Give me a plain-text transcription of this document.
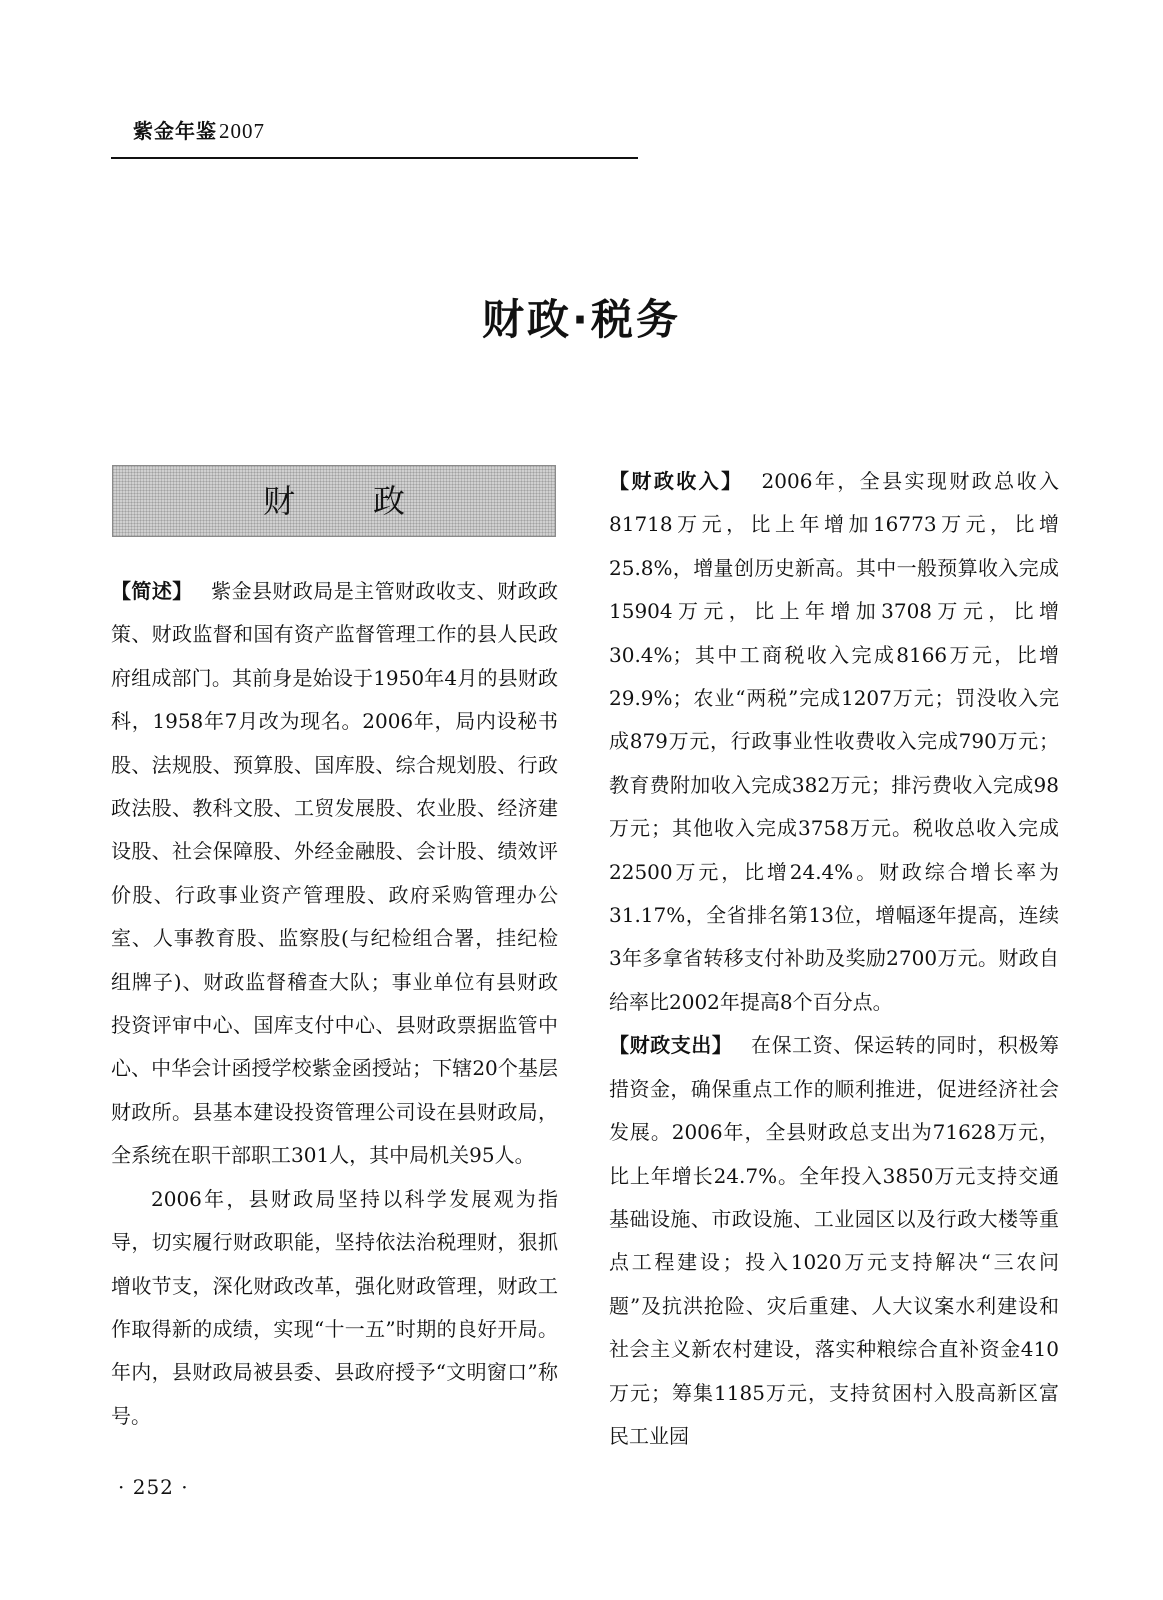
紫金年鉴2007
财政·税务
财政

【简述】 紫金县财政局是主管财政收支、财政政策、财政监督和国有资产监督管理工作的县人民政府组成部门。其前身是始设于1950年4月的县财政科，1958年7月改为现名。2006年，局内设秘书股、法规股、预算股、国库股、综合规划股、行政政法股、教科文股、工贸发展股、农业股、经济建设股、社会保障股、外经金融股、会计股、绩效评价股、行政事业资产管理股、政府采购管理办公室、人事教育股、监察股(与纪检组合署，挂纪检组牌子)、财政监督稽查大队；事业单位有县财政投资评审中心、国库支付中心、县财政票据监管中心、中华会计函授学校紫金函授站；下辖20个基层财政所。县基本建设投资管理公司设在县财政局，全系统在职干部职工301人，其中局机关95人。

2006年，县财政局坚持以科学发展观为指导，切实履行财政职能，坚持依法治税理财，狠抓增收节支，深化财政改革，强化财政管理，财政工作取得新的成绩，实现“十一五”时期的良好开局。年内，县财政局被县委、县政府授予“文明窗口”称号。

【财政收入】 2006年，全县实现财政总收入81718万元，比上年增加16773万元，比增25.8%，增量创历史新高。其中一般预算收入完成15904万元，比上年增加3708万元，比增30.4%；其中工商税收入完成8166万元，比增29.9%；农业“两税”完成1207万元；罚没收入完成879万元，行政事业性收费收入完成790万元；教育费附加收入完成382万元；排污费收入完成98万元；其他收入完成3758万元。税收总收入完成22500万元，比增24.4%。财政综合增长率为31.17%，全省排名第13位，增幅逐年提高，连续3年多拿省转移支付补助及奖励2700万元。财政自给率比2002年提高8个百分点。

【财政支出】 在保工资、保运转的同时，积极筹措资金，确保重点工作的顺利推进，促进经济社会发展。2006年，全县财政总支出为71628万元，比上年增长24.7%。全年投入3850万元支持交通基础设施、市政设施、工业园区以及行政大楼等重点工程建设；投入1020万元支持解决“三农问题”及抗洪抢险、灾后重建、人大议案水利建设和社会主义新农村建设，落实种粮综合直补资金410万元；筹集1185万元，支持贫困村入股高新区富民工业园

· 252 ·
